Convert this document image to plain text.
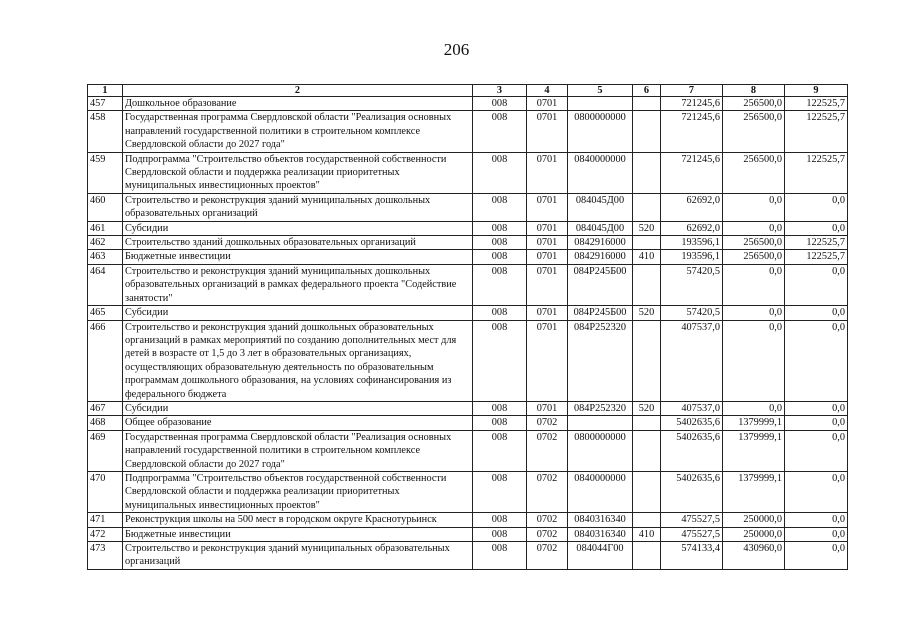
206
1	2	3	4	5	6	7	8	9
457	Дошкольное образование	008	0701			721245,6	256500,0	122525,7
458	Государственная программа Свердловской области "Реализация основных направлений государственной политики в строительном комплексе Свердловской области до 2027 года"	008	0701	0800000000		721245,6	256500,0	122525,7
459	Подпрограмма "Строительство объектов государственной собственности Свердловской области и поддержка реализации приоритетных муниципальных инвестиционных проектов"	008	0701	0840000000		721245,6	256500,0	122525,7
460	Строительство и реконструкция зданий муниципальных дошкольных образовательных организаций	008	0701	084045Д00		62692,0	0,0	0,0
461	Субсидии	008	0701	084045Д00	520	62692,0	0,0	0,0
462	Строительство зданий дошкольных образовательных организаций	008	0701	0842916000		193596,1	256500,0	122525,7
463	Бюджетные инвестиции	008	0701	0842916000	410	193596,1	256500,0	122525,7
464	Строительство и реконструкция зданий муниципальных дошкольных образовательных организаций в рамках федерального проекта "Содействие занятости"	008	0701	084P245Б00		57420,5	0,0	0,0
465	Субсидии	008	0701	084P245Б00	520	57420,5	0,0	0,0
466	Строительство и реконструкция зданий дошкольных образовательных организаций в рамках мероприятий по созданию дополнительных мест для детей в возрасте от 1,5 до 3 лет в образовательных организациях, осуществляющих образовательную деятельность по образовательным программам дошкольного образования, на условиях софинансирования из федерального бюджета	008	0701	084P252320		407537,0	0,0	0,0
467	Субсидии	008	0701	084P252320	520	407537,0	0,0	0,0
468	Общее образование	008	0702			5402635,6	1379999,1	0,0
469	Государственная программа Свердловской области "Реализация основных направлений государственной политики в строительном комплексе Свердловской области до 2027 года"	008	0702	0800000000		5402635,6	1379999,1	0,0
470	Подпрограмма "Строительство объектов государственной собственности Свердловской области и поддержка реализации приоритетных муниципальных инвестиционных проектов"	008	0702	0840000000		5402635,6	1379999,1	0,0
471	Реконструкция школы на 500 мест в городском округе Краснотурьинск	008	0702	0840316340		475527,5	250000,0	0,0
472	Бюджетные инвестиции	008	0702	0840316340	410	475527,5	250000,0	0,0
473	Строительство и реконструкция зданий муниципальных образовательных организаций	008	0702	084044Г00		574133,4	430960,0	0,0
